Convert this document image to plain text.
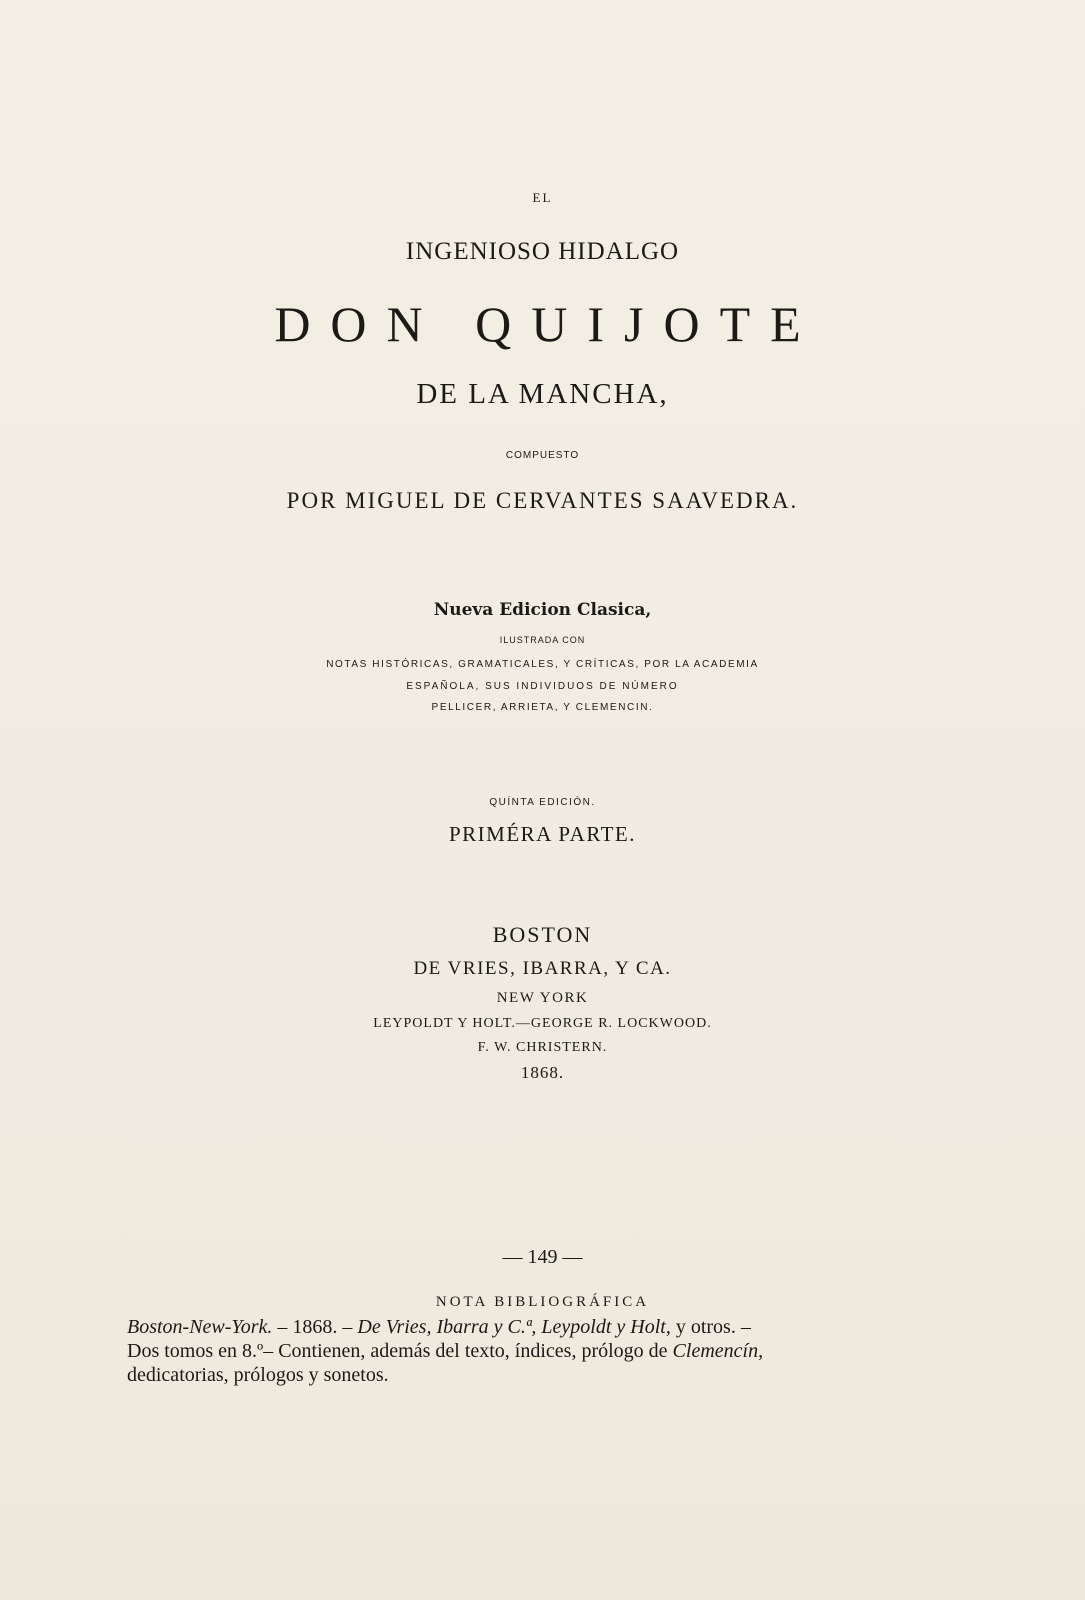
EL

INGENIOSO HIDALGO

DON QUIJOTE

DE LA MANCHA,

COMPUESTO

POR MIGUEL DE CERVANTES SAAVEDRA.

Nueva Edicion Clasica,

ILUSTRADA CON

NOTAS HISTÓRICAS, GRAMATICALES, Y CRÍTICAS, POR LA ACADEMIA

ESPAÑOLA, SUS INDIVIDUOS DE NÚMERO

PELLICER, ARRIETA, Y CLEMENCIN.

QUÍNTA EDICIÓN.

PRIMÉRA PARTE.

BOSTON

DE VRIES, IBARRA, Y CA.

NEW YORK

LEYPOLDT Y HOLT.—GEORGE R. LOCKWOOD.

F. W. CHRISTERN.

1868.

— 149 —

NOTA BIBLIOGRÁFICA

Boston-New-York. – 1868. – De Vries, Ibarra y C.ª, Leypoldt y Holt, y otros. –

Dos tomos en 8.º– Contienen, además del texto, índices, prólogo de Clemencín,

dedicatorias, prólogos y sonetos.
